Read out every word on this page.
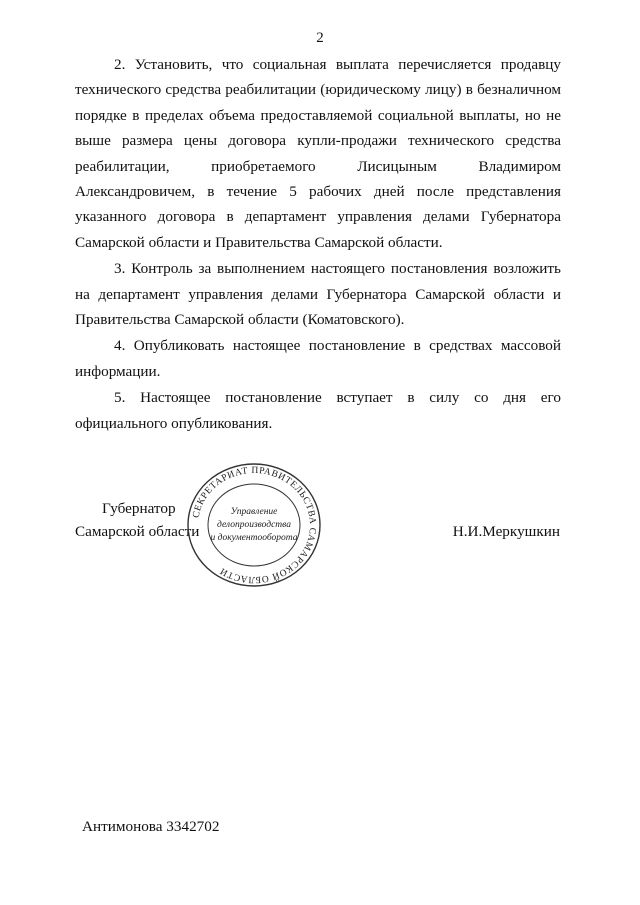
2

2. Установить, что социальная выплата перечисляется продавцу технического средства реабилитации (юридическому лицу) в безналичном порядке в пределах объема предоставляемой социальной выплаты, но не выше размера цены договора купли-продажи технического средства реабилитации, приобретаемого Лисицыным Владимиром Александровичем, в течение 5 рабочих дней после представления указанного договора в департамент управления делами Губернатора Самарской области и Правительства Самарской области.

3. Контроль за выполнением настоящего постановления возложить на департамент управления делами Губернатора Самарской области и Правительства Самарской области (Коматовского).

4. Опубликовать настоящее постановление в средствах массовой информации.

5. Настоящее постановление вступает в силу со дня его официального опубликования.

Губернатор
Самарской области	Н.И.Меркушкин
СЕКРЕТАРИАТ ПРАВИТЕЛЬСТВА САМАРСКОЙ ОБЛАСТИ
Управление
делопроизводства
и документооборота
Антимонова 3342702
